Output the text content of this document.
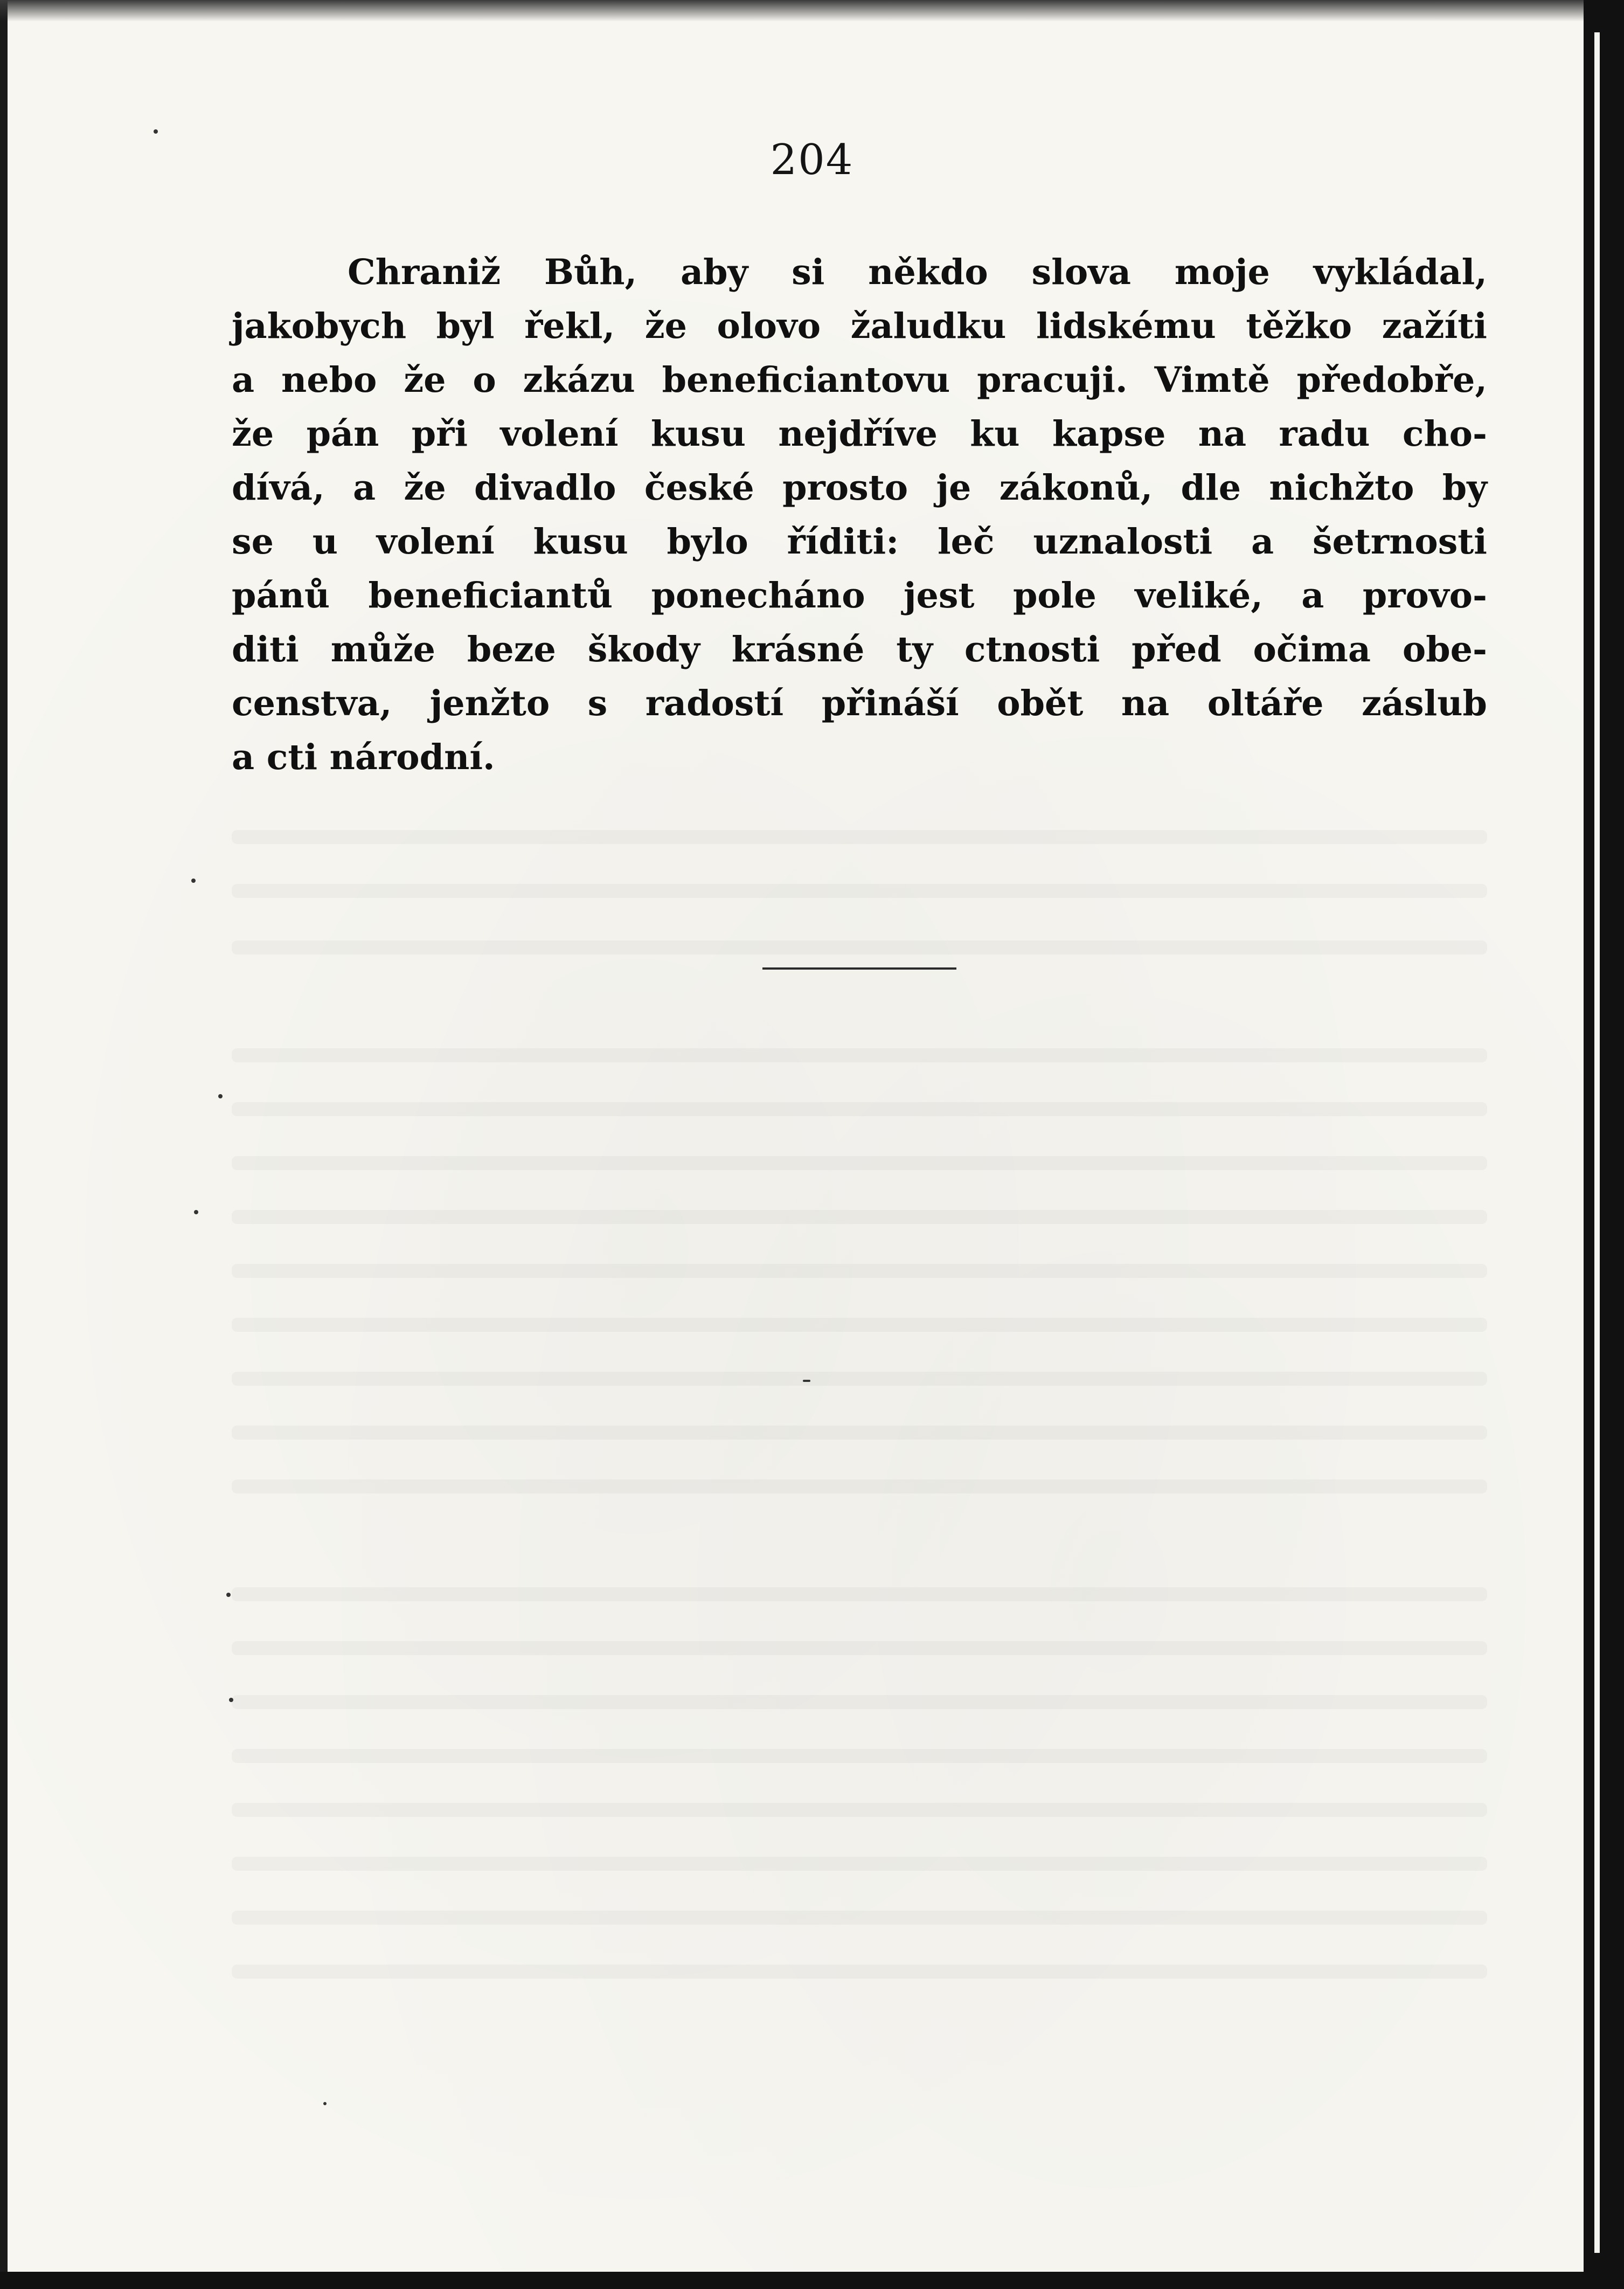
204
Chraniž Bůh, aby si někdo slova moje vykládal,
jakobych byl řekl, že olovo žaludku lidskému těžko zažíti
a nebo že o zkázu beneficiantovu pracuji. Vimtě předobře,
že pán při volení kusu nejdříve ku kapse na radu cho-
dívá, a že divadlo české prosto je zákonů, dle nichžto by
se u volení kusu bylo říditi: leč uznalosti a šetrnosti
pánů beneficiantů ponecháno jest pole veliké, a provo-
diti může beze škody krásné ty ctnosti před očima obe-
censtva, jenžto s radostí přináší obět na oltáře záslub
a cti národní.
